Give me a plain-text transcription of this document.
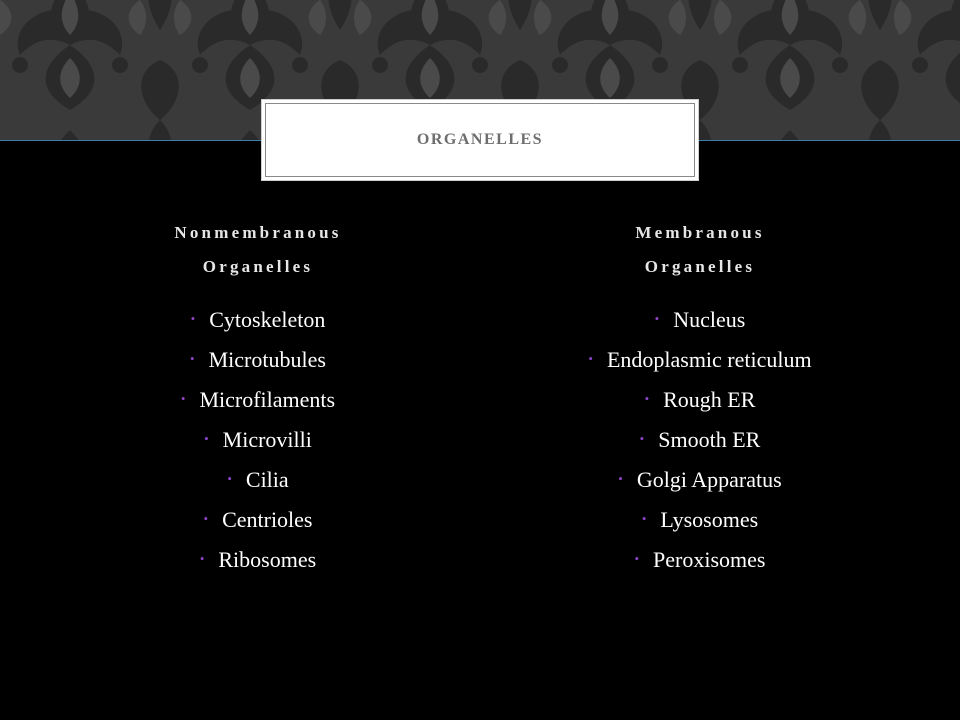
ORGANELLES
Nonmembranous
Organelles
• Cytoskeleton
• Microtubules
• Microfilaments
• Microvilli
• Cilia
• Centrioles
• Ribosomes
Membranous
Organelles
• Nucleus
• Endoplasmic reticulum
• Rough ER
• Smooth ER
• Golgi Apparatus
• Lysosomes
• Peroxisomes
